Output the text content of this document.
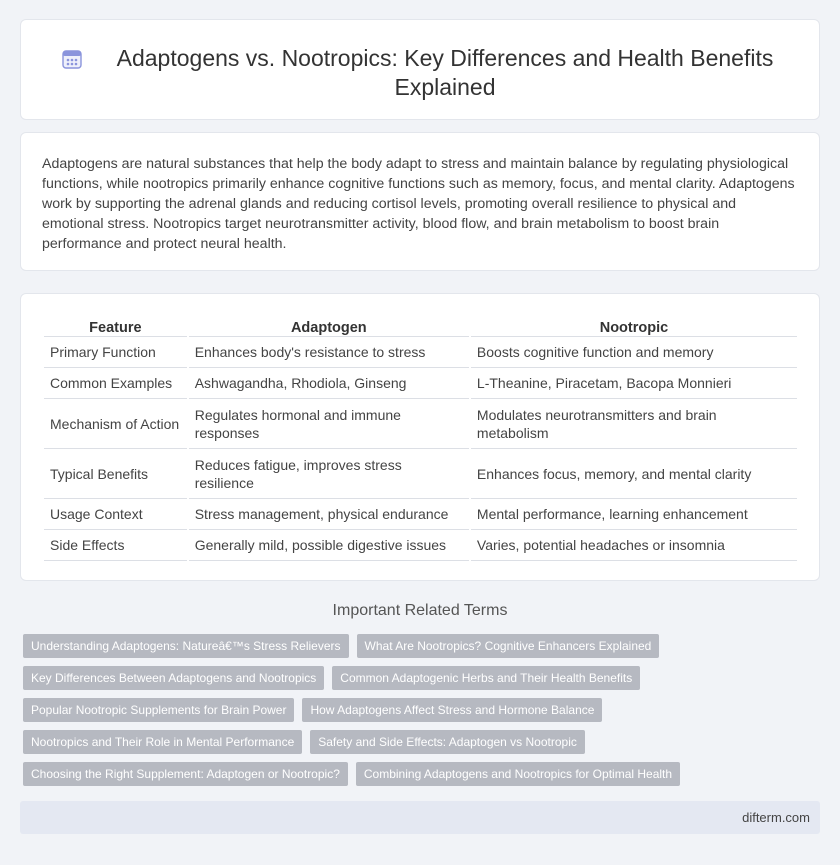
Adaptogens vs. Nootropics: Key Differences and Health Benefits Explained

Adaptogens are natural substances that help the body adapt to stress and maintain balance by regulating physiological functions, while nootropics primarily enhance cognitive functions such as memory, focus, and mental clarity. Adaptogens work by supporting the adrenal glands and reducing cortisol levels, promoting overall resilience to physical and emotional stress. Nootropics target neurotransmitter activity, blood flow, and brain metabolism to boost brain performance and protect neural health.

Feature	Adaptogen	Nootropic
Primary Function	Enhances body's resistance to stress	Boosts cognitive function and memory
Common Examples	Ashwagandha, Rhodiola, Ginseng	L-Theanine, Piracetam, Bacopa Monnieri
Mechanism of Action	Regulates hormonal and immune responses	Modulates neurotransmitters and brain metabolism
Typical Benefits	Reduces fatigue, improves stress resilience	Enhances focus, memory, and mental clarity
Usage Context	Stress management, physical endurance	Mental performance, learning enhancement
Side Effects	Generally mild, possible digestive issues	Varies, potential headaches or insomnia
Important Related Terms
Understanding Adaptogens: Natureâ€™s Stress Relievers	What Are Nootropics? Cognitive Enhancers Explained
Key Differences Between Adaptogens and Nootropics	Common Adaptogenic Herbs and Their Health Benefits
Popular Nootropic Supplements for Brain Power	How Adaptogens Affect Stress and Hormone Balance
Nootropics and Their Role in Mental Performance	Safety and Side Effects: Adaptogen vs Nootropic
Choosing the Right Supplement: Adaptogen or Nootropic?	Combining Adaptogens and Nootropics for Optimal Health
difterm.com
